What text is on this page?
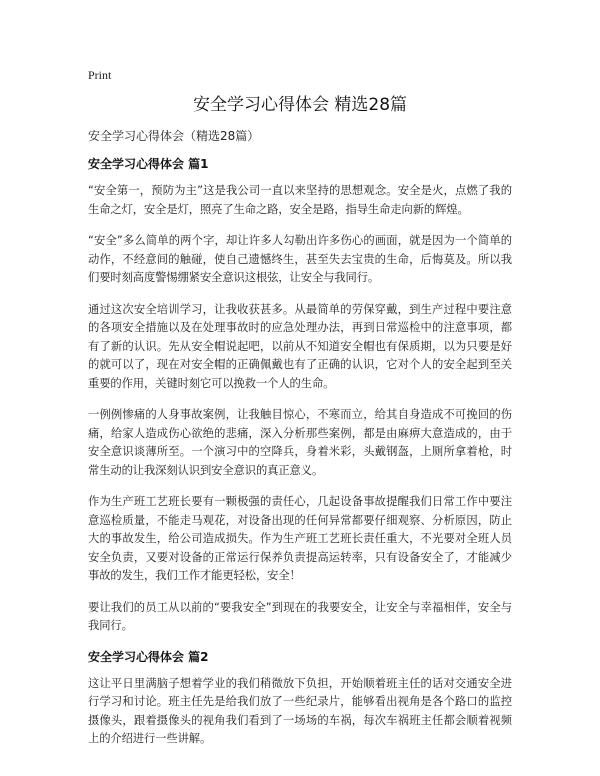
Print

安全学习心得体会 精选28篇

安全学习心得体会（精选28篇）

安全学习心得体会 篇1

“安全第一，预防为主”这是我公司一直以来坚持的思想观念。安全是火，点燃了我的生命之灯，安全是灯，照亮了生命之路，安全是路，指导生命走向新的辉煌。

“安全”多么简单的两个字，却让许多人勾勒出许多伤心的画面，就是因为一个简单的动作，不经意间的触碰，使自己遗憾终生，甚至失去宝贵的生命，后悔莫及。所以我们要时刻高度警惕绷紧安全意识这根弦，让安全与我同行。

通过这次安全培训学习，让我收获甚多。从最简单的劳保穿戴，到生产过程中要注意的各项安全措施以及在处理事故时的应急处理办法，再到日常巡检中的注意事项，都有了新的认识。先从安全帽说起吧，以前从不知道安全帽也有保质期，以为只要是好的就可以了，现在对安全帽的正确佩戴也有了正确的认识，它对个人的安全起到至关重要的作用，关键时刻它可以挽救一个人的生命。

一例例惨痛的人身事故案例，让我触目惊心，不寒而立，给其自身造成不可挽回的伤痛，给家人造成伤心欲绝的悲痛，深入分析那些案例，都是由麻痹大意造成的，由于安全意识谈薄所至。一个演习中的空降兵，身着米彩，头戴钢盔，上厕所拿着枪，时常生动的让我深刻认识到安全意识的真正意义。

作为生产班工艺班长要有一颗极强的责任心，几起设备事故提醒我们日常工作中要注意巡检质量，不能走马观花，对设备出现的任何异常都要仔细观察、分析原因，防止大的事故发生，给公司造成损失。作为生产班工艺班长责任重大，不光要对全班人员安全负责，又要对设备的正常运行保养负责提高运转率，只有设备安全了，才能减少事故的发生，我们工作才能更轻松，安全！

要让我们的员工从以前的“要我安全”到现在的我要安全，让安全与幸福相伴，安全与我同行。

安全学习心得体会 篇2

这让平日里满脑子想着学业的我们稍微放下负担，开始顺着班主任的话对交通安全进行学习和讨论。班主任先是给我们放了一些纪录片，能够看出视角是各个路口的监控摄像头，跟着摄像头的视角我们看到了一场场的车祸，每次车祸班主任都会顺着视频上的介绍进行一些讲解。
